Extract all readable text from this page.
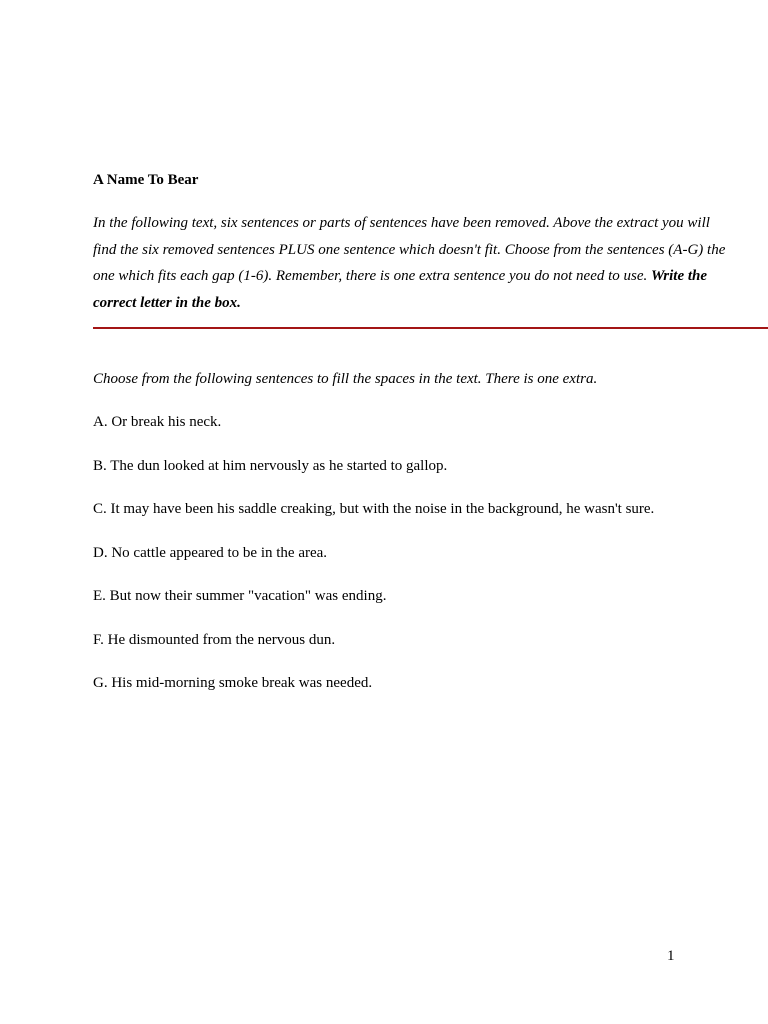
A Name To Bear
In the following text, six sentences or parts of sentences have been removed. Above the extract you will find the six removed sentences PLUS one sentence which doesn't fit. Choose from the sentences (A-G) the one which fits each gap (1-6). Remember, there is one extra sentence you do not need to use. Write the correct letter in the box.
Choose from the following sentences to fill the spaces in the text. There is one extra.
A. Or break his neck.
B. The dun looked at him nervously as he started to gallop.
C. It may have been his saddle creaking, but with the noise in the background, he wasn't sure.
D. No cattle appeared to be in the area.
E. But now their summer "vacation" was ending.
F. He dismounted from the nervous dun.
G. His mid-morning smoke break was needed.
1
